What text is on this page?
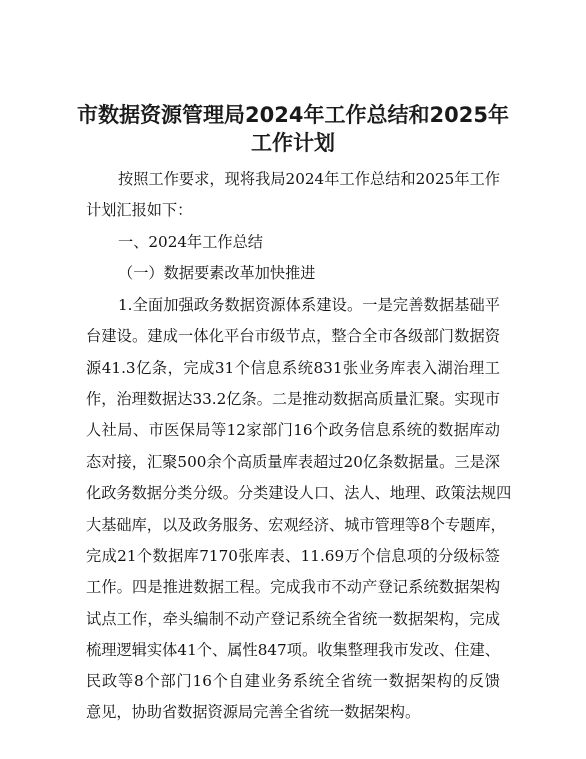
市数据资源管理局2024年工作总结和2025年
工作计划

按照工作要求，现将我局2024年工作总结和2025年工作

计划汇报如下：

一、2024年工作总结

（一）数据要素改革加快推进

1.全面加强政务数据资源体系建设。一是完善数据基础平

台建设。建成一体化平台市级节点，整合全市各级部门数据资

源41.3亿条，完成31个信息系统831张业务库表入湖治理工

作，治理数据达33.2亿条。二是推动数据高质量汇聚。实现市

人社局、市医保局等12家部门16个政务信息系统的数据库动

态对接，汇聚500余个高质量库表超过20亿条数据量。三是深

化政务数据分类分级。分类建设人口、法人、地理、政策法规四

大基础库，以及政务服务、宏观经济、城市管理等8个专题库，

完成21个数据库7170张库表、11.69万个信息项的分级标签

工作。四是推进数据工程。完成我市不动产登记系统数据架构

试点工作，牵头编制不动产登记系统全省统一数据架构，完成

梳理逻辑实体41个、属性847项。收集整理我市发改、住建、

民政等8个部门16个自建业务系统全省统一数据架构的反馈

意见，协助省数据资源局完善全省统一数据架构。
